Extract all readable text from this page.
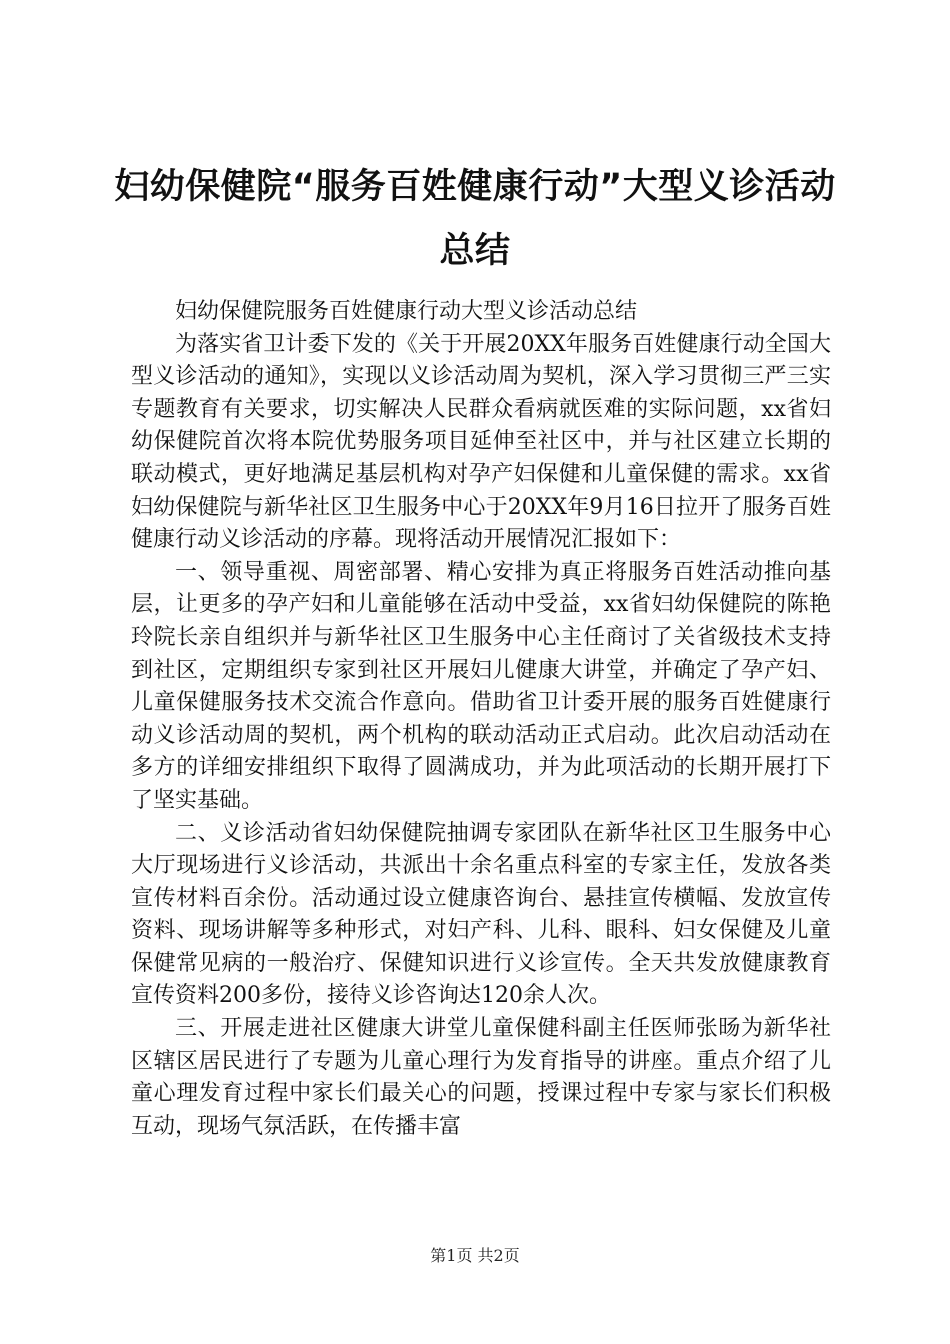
妇幼保健院“服务百姓健康行动”大型义诊活动总结

妇幼保健院服务百姓健康行动大型义诊活动总结

为落实省卫计委下发的《关于开展20XX年服务百姓健康行动全国大型义诊活动的通知》，实现以义诊活动周为契机，深入学习贯彻三严三实专题教育有关要求，切实解决人民群众看病就医难的实际问题，xx省妇幼保健院首次将本院优势服务项目延伸至社区中，并与社区建立长期的联动模式，更好地满足基层机构对孕产妇保健和儿童保健的需求。xx省妇幼保健院与新华社区卫生服务中心于20XX年9月16日拉开了服务百姓健康行动义诊活动的序幕。现将活动开展情况汇报如下：

一、领导重视、周密部署、精心安排为真正将服务百姓活动推向基层，让更多的孕产妇和儿童能够在活动中受益，xx省妇幼保健院的陈艳玲院长亲自组织并与新华社区卫生服务中心主任商讨了关省级技术支持到社区，定期组织专家到社区开展妇儿健康大讲堂，并确定了孕产妇、儿童保健服务技术交流合作意向。借助省卫计委开展的服务百姓健康行动义诊活动周的契机，两个机构的联动活动正式启动。此次启动活动在多方的详细安排组织下取得了圆满成功，并为此项活动的长期开展打下了坚实基础。

二、义诊活动省妇幼保健院抽调专家团队在新华社区卫生服务中心大厅现场进行义诊活动，共派出十余名重点科室的专家主任，发放各类宣传材料百余份。活动通过设立健康咨询台、悬挂宣传横幅、发放宣传资料、现场讲解等多种形式，对妇产科、儿科、眼科、妇女保健及儿童保健常见病的一般治疗、保健知识进行义诊宣传。全天共发放健康教育宣传资料200多份，接待义诊咨询达120余人次。

三、开展走进社区健康大讲堂儿童保健科副主任医师张旸为新华社区辖区居民进行了专题为儿童心理行为发育指导的讲座。重点介绍了儿童心理发育过程中家长们最关心的问题，授课过程中专家与家长们积极互动，现场气氛活跃，在传播丰富

第1页 共2页
